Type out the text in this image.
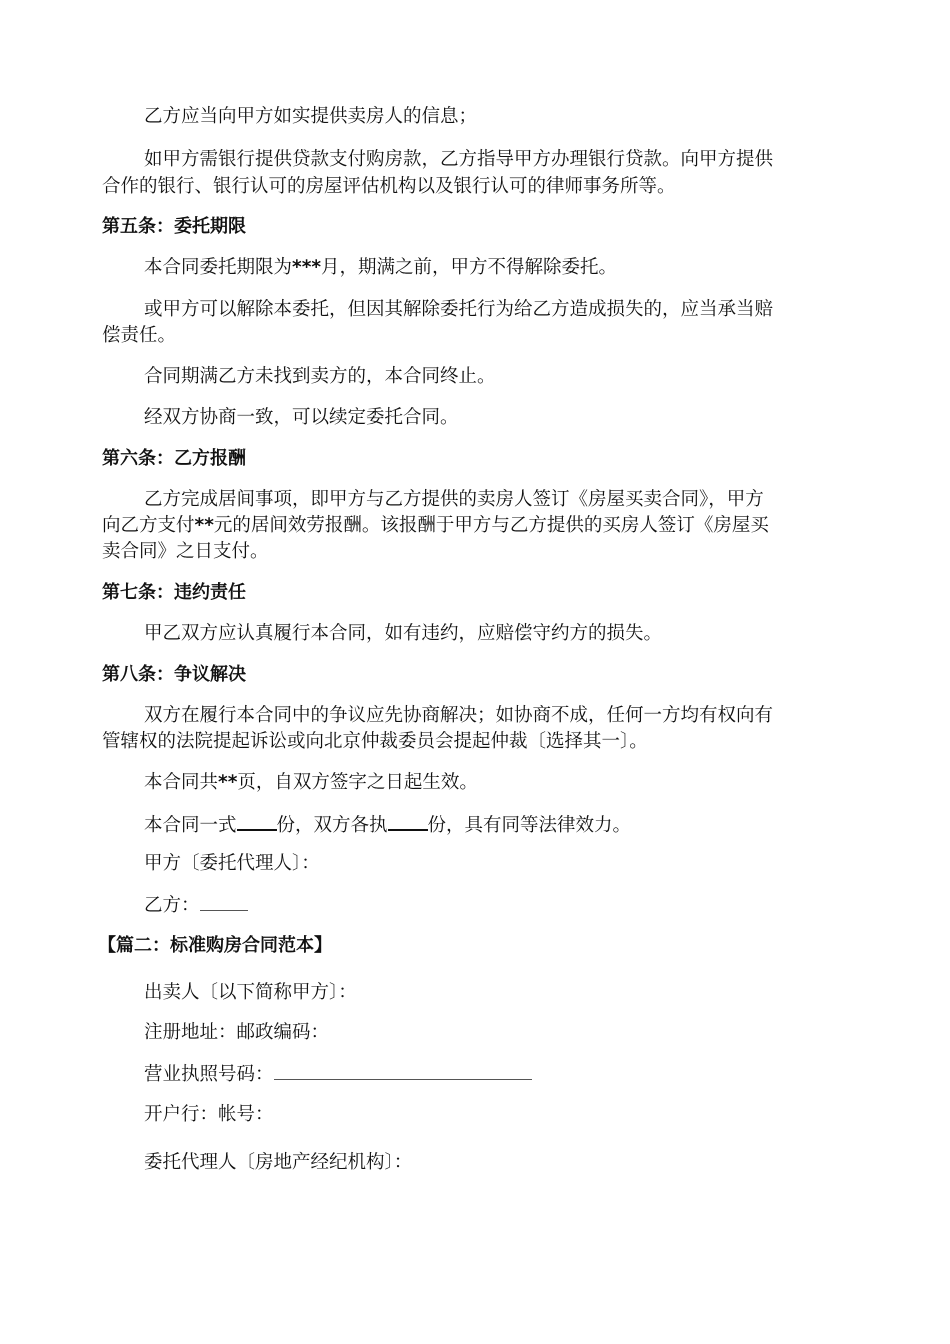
乙方应当向甲方如实提供卖房人的信息；
如甲方需银行提供贷款支付购房款，乙方指导甲方办理银行贷款。向甲方提供
合作的银行、银行认可的房屋评估机构以及银行认可的律师事务所等。
第五条：委托期限
本合同委托期限为***月，期满之前，甲方不得解除委托。
或甲方可以解除本委托，但因其解除委托行为给乙方造成损失的，应当承当赔
偿责任。
合同期满乙方未找到卖方的，本合同终止。
经双方协商一致，可以续定委托合同。
第六条：乙方报酬
乙方完成居间事项，即甲方与乙方提供的卖房人签订《房屋买卖合同》，甲方
向乙方支付**元的居间效劳报酬。该报酬于甲方与乙方提供的买房人签订《房屋买
卖合同》之日支付。
第七条：违约责任
甲乙双方应认真履行本合同，如有违约，应赔偿守约方的损失。
第八条：争议解决
双方在履行本合同中的争议应先协商解决；如协商不成，任何一方均有权向有
管辖权的法院提起诉讼或向北京仲裁委员会提起仲裁〔选择其一〕。
本合同共**页，自双方签字之日起生效。
本合同一式 份，双方各执 份，具有同等法律效力。
甲方〔委托代理人〕：
乙方：
【篇二：标准购房合同范本】
出卖人〔以下简称甲方〕：
注册地址：邮政编码：
营业执照号码：
开户行：帐号：
委托代理人〔房地产经纪机构〕：
